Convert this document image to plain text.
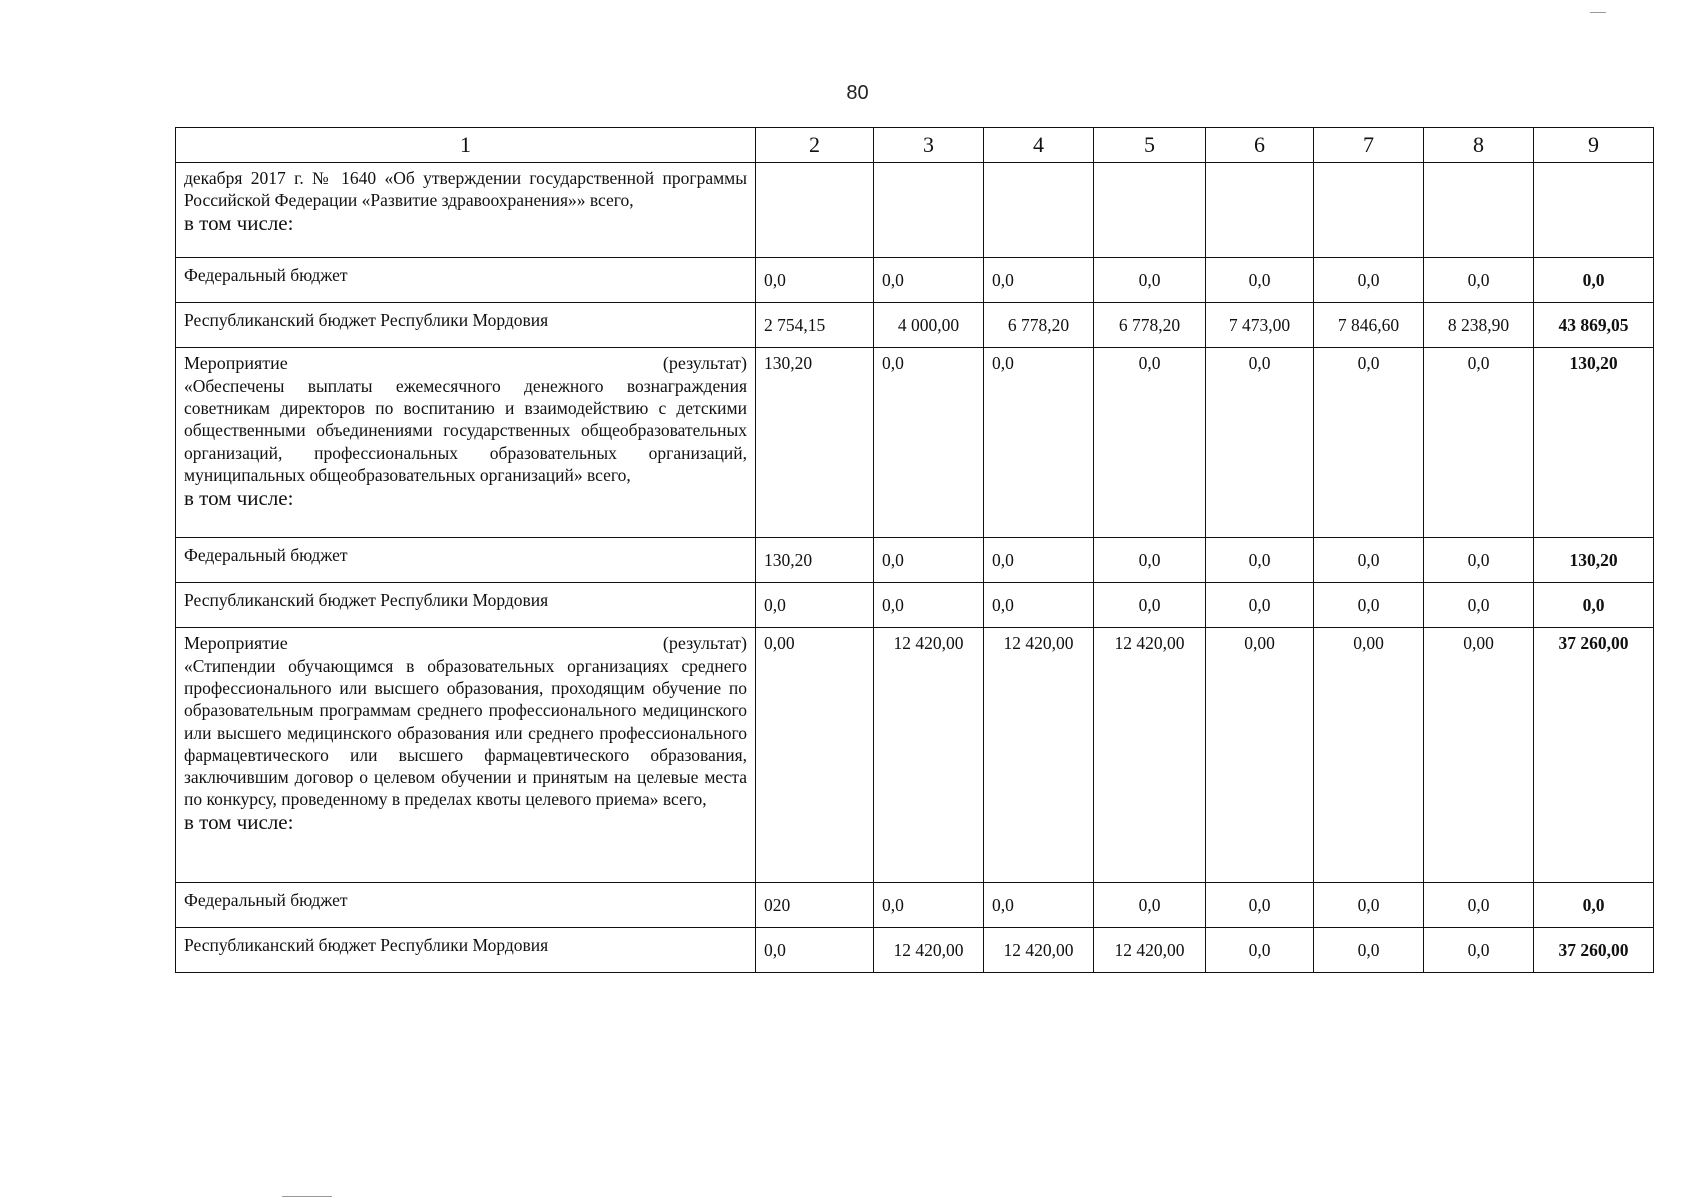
80
1	2	3	4	5	6	7	8	9
декабря 2017 г. № 1640 «Об утверждении государственной программы Российской Федерации «Развитие здравоохранения»» всего,
в том числе:								

Федеральный бюджет	0,0	0,0	0,0	0,0	0,0	0,0	0,0	0,0
Республиканский бюджет Республики Мордовия	2 754,15	4 000,00	6 778,20	6 778,20	7 473,00	7 846,60	8 238,90	43 869,05

Мероприятие (результат)
«Обеспечены выплаты ежемесячного денежного вознаграждения советникам директоров по воспитанию и взаимодействию с детскими общественными объединениями государственных общеобразовательных организаций, профессиональных образовательных организаций, муниципальных общеобразовательных организаций» всего,
в том числе:	130,20	0,0	0,0	0,0	0,0	0,0	0,0	130,20
Федеральный бюджет	130,20	0,0	0,0	0,0	0,0	0,0	0,0	130,20
Республиканский бюджет Республики Мордовия	0,0	0,0	0,0	0,0	0,0	0,0	0,0	0,0

Мероприятие (результат)
«Стипендии обучающимся в образовательных организациях среднего профессионального или высшего образования, проходящим обучение по образовательным программам среднего профессионального медицинского или высшего медицинского образования или среднего профессионального фармацевтического или высшего фармацевтического образования, заключившим договор о целевом обучении и принятым на целевые места по конкурсу, проведенному в пределах квоты целевого приема» всего,
в том числе:	0,00	12 420,00	12 420,00	12 420,00	0,00	0,00	0,00	37 260,00
Федеральный бюджет	020	0,0	0,0	0,0	0,0	0,0	0,0	0,0
Республиканский бюджет Республики Мордовия	0,0	12 420,00	12 420,00	12 420,00	0,0	0,0	0,0	37 260,00
